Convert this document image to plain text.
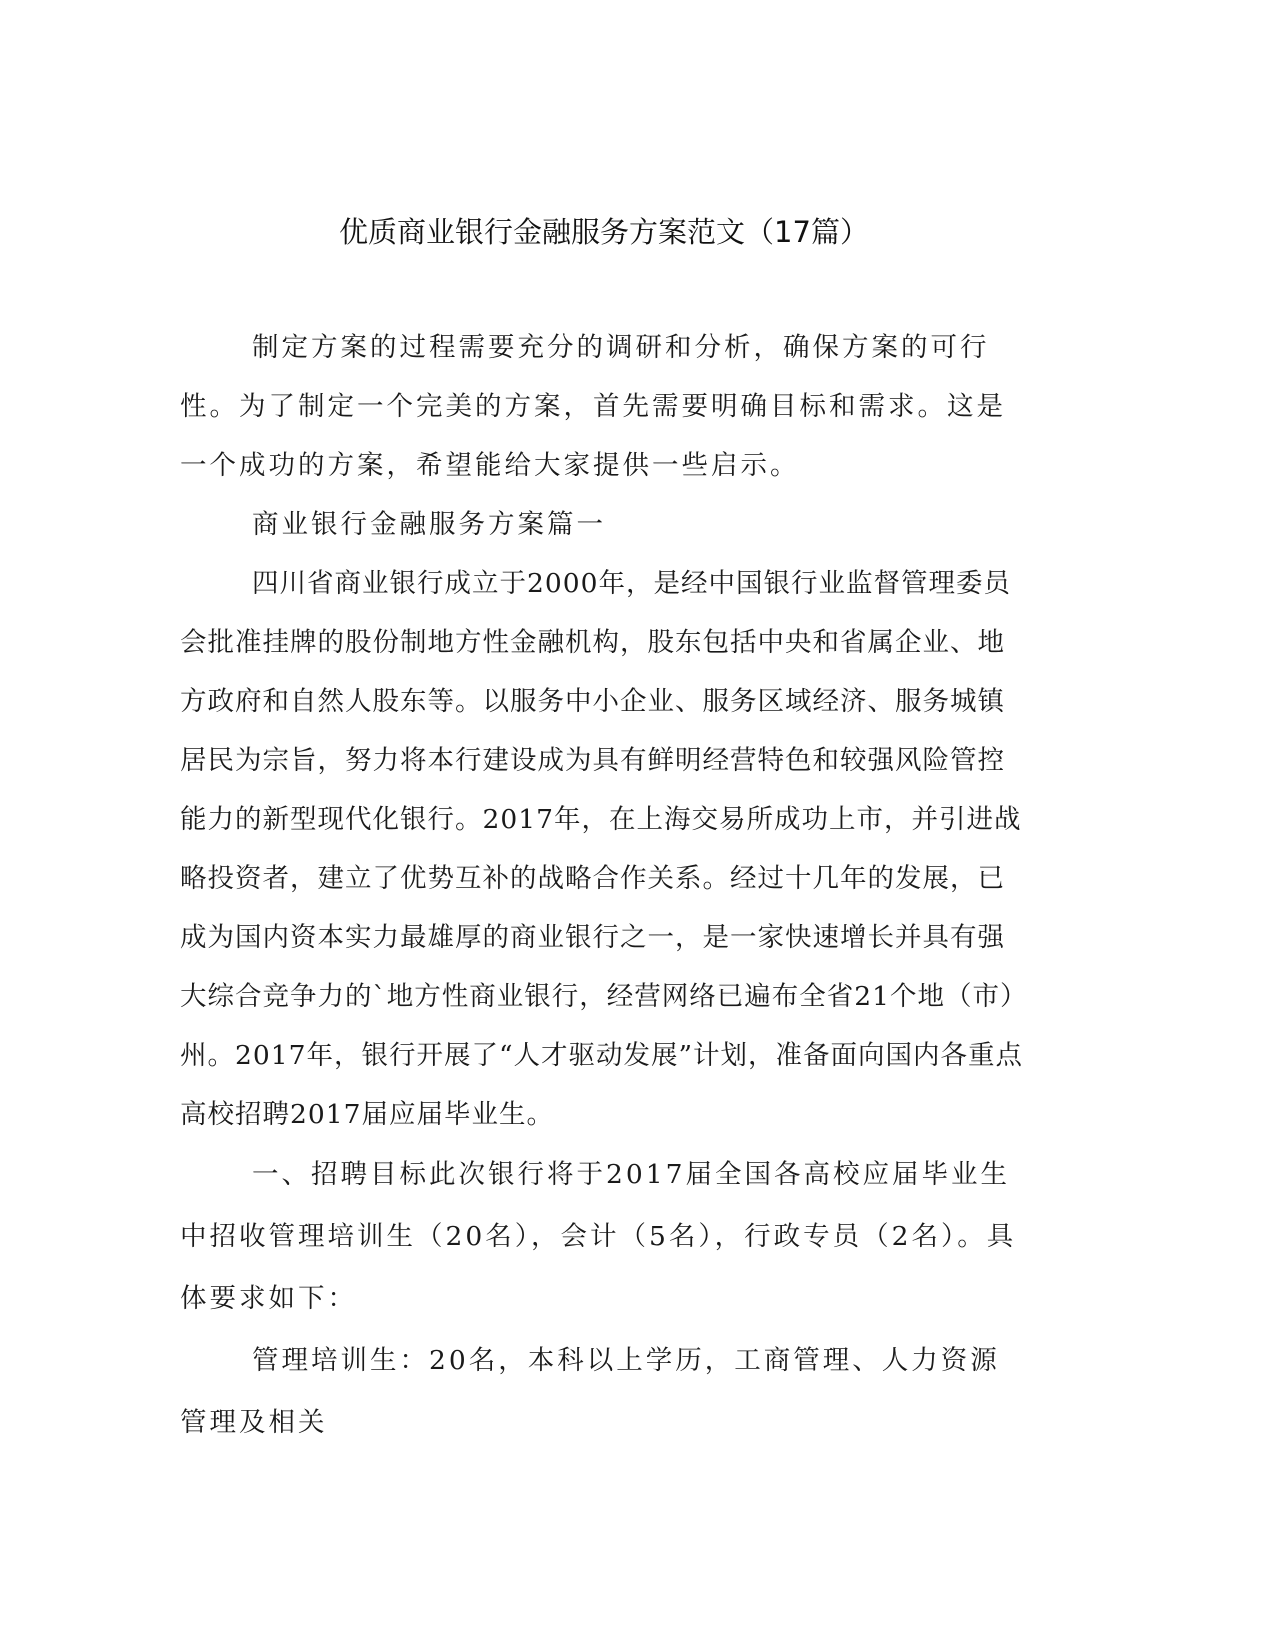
优质商业银行金融服务方案范文（17篇）

制定方案的过程需要充分的调研和分析，确保方案的可行性。为了制定一个完美的方案，首先需要明确目标和需求。这是一个成功的方案，希望能给大家提供一些启示。

商业银行金融服务方案篇一

四川省商业银行成立于2000年，是经中国银行业监督管理委员会批准挂牌的股份制地方性金融机构，股东包括中央和省属企业、地方政府和自然人股东等。以服务中小企业、服务区域经济、服务城镇居民为宗旨，努力将本行建设成为具有鲜明经营特色和较强风险管控能力的新型现代化银行。2017年，在上海交易所成功上市，并引进战略投资者，建立了优势互补的战略合作关系。经过十几年的发展，已成为国内资本实力最雄厚的商业银行之一，是一家快速增长并具有强大综合竞争力的`地方性商业银行，经营网络已遍布全省21个地（市）州。2017年，银行开展了“人才驱动发展”计划，准备面向国内各重点高校招聘2017届应届毕业生。

一、招聘目标此次银行将于2017届全国各高校应届毕业生中招收管理培训生（20名），会计（5名），行政专员（2名）。具体要求如下：

管理培训生：20名，本科以上学历，工商管理、人力资源管理及相关
